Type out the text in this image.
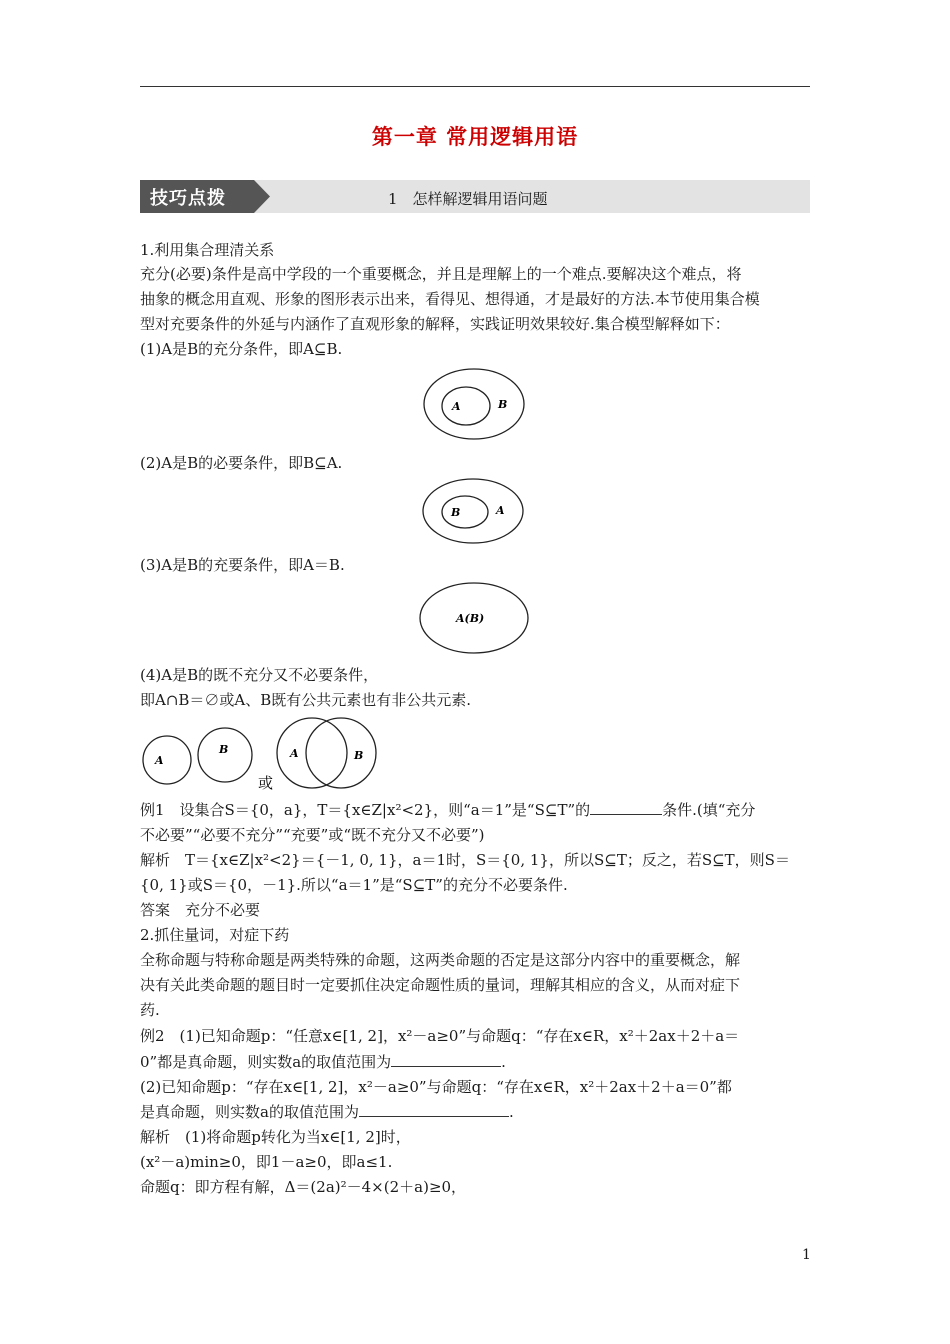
第一章 常用逻辑用语
技巧点拨	1　怎样解逻辑用语问题
1.利用集合理清关系
充分(必要)条件是高中学段的一个重要概念，并且是理解上的一个难点.要解决这个难点，将
抽象的概念用直观、形象的图形表示出来，看得见、想得通，才是最好的方法.本节使用集合模
型对充要条件的外延与内涵作了直观形象的解释，实践证明效果较好.集合模型解释如下：
(1)A是B的充分条件，即A⊆B.
A	B
(2)A是B的必要条件，即B⊆A.
B	A
(3)A是B的充要条件，即A＝B.
A(B)
(4)A是B的既不充分又不必要条件，
即A∩B＝∅或A、B既有公共元素也有非公共元素.
A
B
或
A	B
例1　设集合S＝{0，a}，T＝{x∈Z|x²<2}，则“a＝1”是“S⊆T”的	条件.(填“充分
不必要”“必要不充分”“充要”或“既不充分又不必要”)
解析　T＝{x∈Z|x²<2}＝{－1, 0, 1}，a＝1时，S＝{0, 1}，所以S⊆T；反之，若S⊆T，则S＝
{0, 1}或S＝{0，－1}.所以“a＝1”是“S⊆T”的充分不必要条件.
答案　充分不必要
2.抓住量词，对症下药
全称命题与特称命题是两类特殊的命题，这两类命题的否定是这部分内容中的重要概念，解
决有关此类命题的题目时一定要抓住决定命题性质的量词，理解其相应的含义，从而对症下
药.
例2　(1)已知命题p：“任意x∈[1, 2]，x²－a≥0”与命题q：“存在x∈R，x²＋2ax＋2＋a＝
0”都是真命题，则实数a的取值范围为	.
(2)已知命题p：“存在x∈[1, 2]，x²－a≥0”与命题q：“存在x∈R，x²＋2ax＋2＋a＝0”都
是真命题，则实数a的取值范围为	.
解析　(1)将命题p转化为当x∈[1, 2]时，
(x²－a)min≥0，即1－a≥0，即a≤1.
命题q：即方程有解，Δ＝(2a)²－4×(2＋a)≥0，
1
